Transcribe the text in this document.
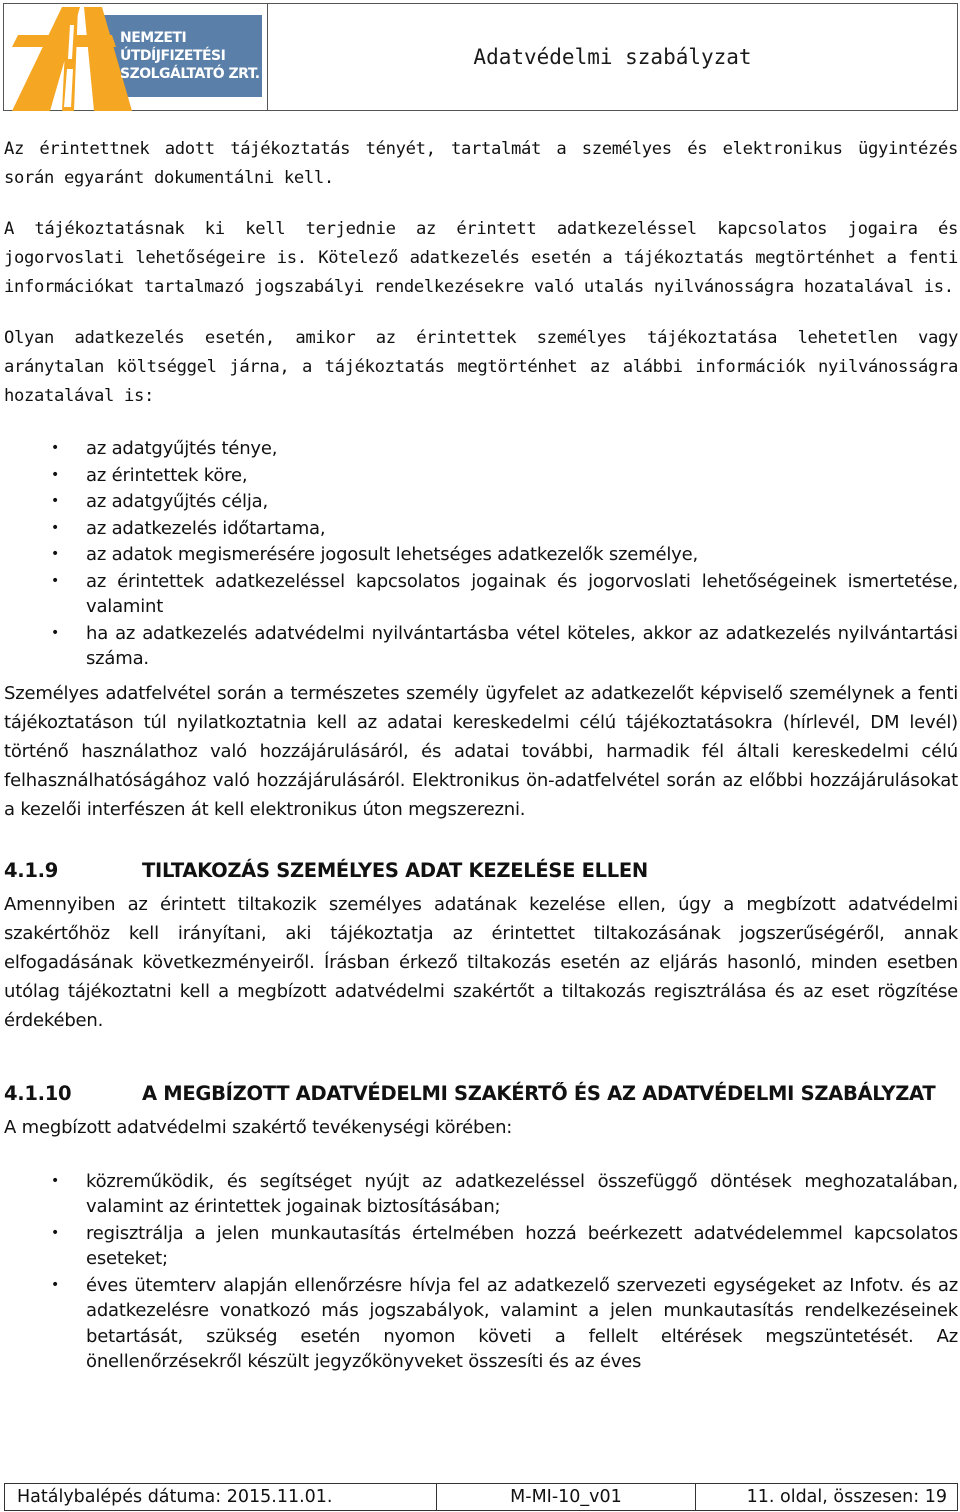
NEMZETI
ÚTDÍJFIZETÉSI
SZOLGÁLTATÓ ZRT.
Adatvédelmi szabályzat

Az érintettnek adott tájékoztatás tényét, tartalmát a személyes és elektronikus ügyintézés során egyaránt dokumentálni kell.

A tájékoztatásnak ki kell terjednie az érintett adatkezeléssel kapcsolatos jogaira és jogorvoslati lehetőségeire is. Kötelező adatkezelés esetén a tájékoztatás megtörténhet a fenti információkat tartalmazó jogszabályi rendelkezésekre való utalás nyilvánosságra hozatalával is.

Olyan adatkezelés esetén, amikor az érintettek személyes tájékoztatása lehetetlen vagy aránytalan költséggel járna, a tájékoztatás megtörténhet az alábbi információk nyilvánosságra hozatalával is:

• az adatgyűjtés ténye,
• az érintettek köre,
• az adatgyűjtés célja,
• az adatkezelés időtartama,
• az adatok megismerésére jogosult lehetséges adatkezelők személye,
• az érintettek adatkezeléssel kapcsolatos jogainak és jogorvoslati lehetőségeinek ismertetése, valamint
• ha az adatkezelés adatvédelmi nyilvántartásba vétel köteles, akkor az adatkezelés nyilvántartási száma.

Személyes adatfelvétel során a természetes személy ügyfelet az adatkezelőt képviselő személynek a fenti tájékoztatáson túl nyilatkoztatnia kell az adatai kereskedelmi célú tájékoztatásokra (hírlevél, DM levél) történő használathoz való hozzájárulásáról, és adatai további, harmadik fél általi kereskedelmi célú felhasználhatóságához való hozzájárulásáról. Elektronikus ön-adatfelvétel során az előbbi hozzájárulásokat a kezelői interfészen át kell elektronikus úton megszerezni.

4.1.9	TILTAKOZÁS SZEMÉLYES ADAT KEZELÉSE ELLEN

Amennyiben az érintett tiltakozik személyes adatának kezelése ellen, úgy a megbízott adatvédelmi szakértőhöz kell irányítani, aki tájékoztatja az érintettet tiltakozásának jogszerűségéről, annak elfogadásának következményeiről. Írásban érkező tiltakozás esetén az eljárás hasonló, minden esetben utólag tájékoztatni kell a megbízott adatvédelmi szakértőt a tiltakozás regisztrálása és az eset rögzítése érdekében.

4.1.10	A MEGBÍZOTT ADATVÉDELMI SZAKÉRTŐ ÉS AZ ADATVÉDELMI SZABÁLYZAT

A megbízott adatvédelmi szakértő tevékenységi körében:

• közreműködik, és segítséget nyújt az adatkezeléssel összefüggő döntések meghozatalában, valamint az érintettek jogainak biztosításában;
• regisztrálja a jelen munkautasítás értelmében hozzá beérkezett adatvédelemmel kapcsolatos eseteket;
• éves ütemterv alapján ellenőrzésre hívja fel az adatkezelő szervezeti egységeket az Infotv. és az adatkezelésre vonatkozó más jogszabályok, valamint a jelen munkautasítás rendelkezéseinek betartását, szükség esetén nyomon követi a fellelt eltérések megszüntetését. Az önellenőrzésekről készült jegyzőkönyveket összesíti és az éves
Hatálybalépés dátuma: 2015.11.01.	M-MI-10_v01	11. oldal, összesen: 19
